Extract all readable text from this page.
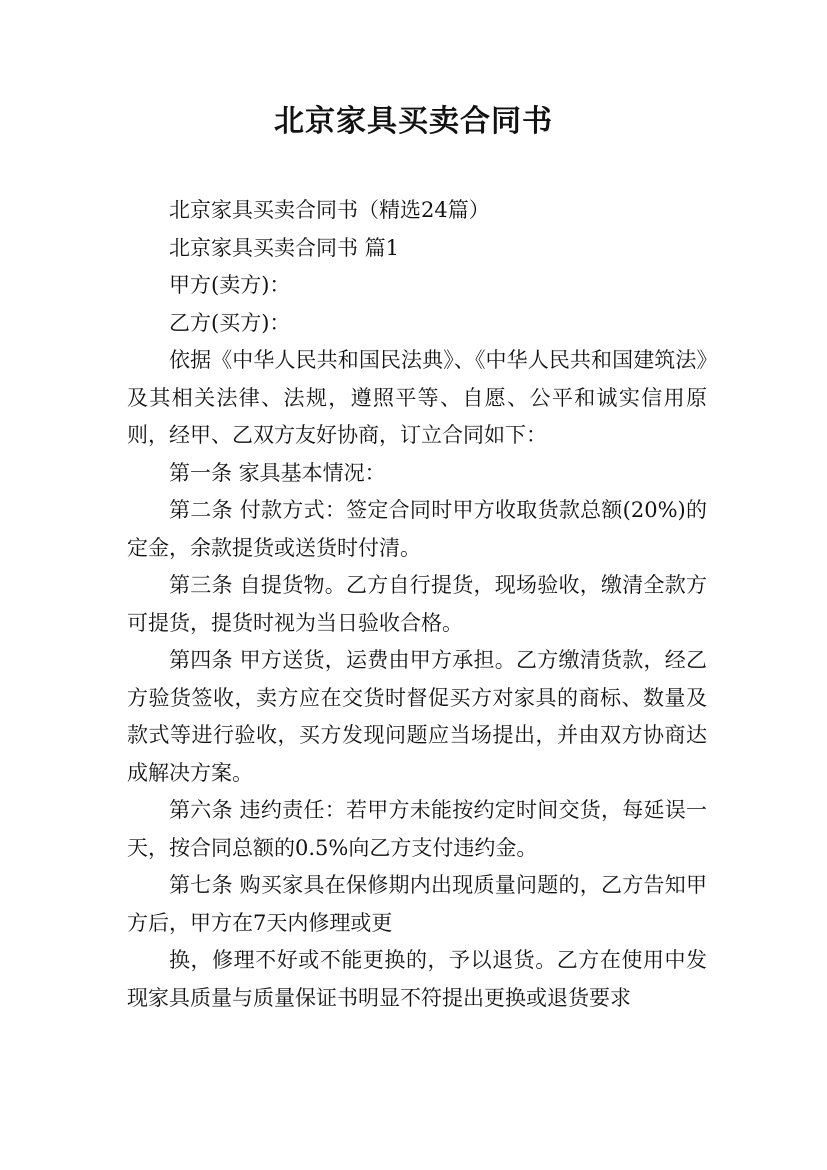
北京家具买卖合同书

北京家具买卖合同书（精选24篇）

北京家具买卖合同书 篇1

甲方(卖方)：

乙方(买方)：

依据《中华人民共和国民法典》、《中华人民共和国建筑法》及其相关法律、法规，遵照平等、自愿、公平和诚实信用原则，经甲、乙双方友好协商，订立合同如下：

第一条 家具基本情况：

第二条 付款方式：签定合同时甲方收取货款总额(20%)的定金，余款提货或送货时付清。

第三条 自提货物。乙方自行提货，现场验收，缴清全款方可提货，提货时视为当日验收合格。

第四条 甲方送货，运费由甲方承担。乙方缴清货款，经乙方验货签收，卖方应在交货时督促买方对家具的商标、数量及款式等进行验收，买方发现问题应当场提出，并由双方协商达成解决方案。

第六条 违约责任：若甲方未能按约定时间交货，每延误一天，按合同总额的0.5%向乙方支付违约金。

第七条 购买家具在保修期内出现质量问题的，乙方告知甲方后，甲方在7天内修理或更

换，修理不好或不能更换的，予以退货。乙方在使用中发现家具质量与质量保证书明显不符提出更换或退货要求
